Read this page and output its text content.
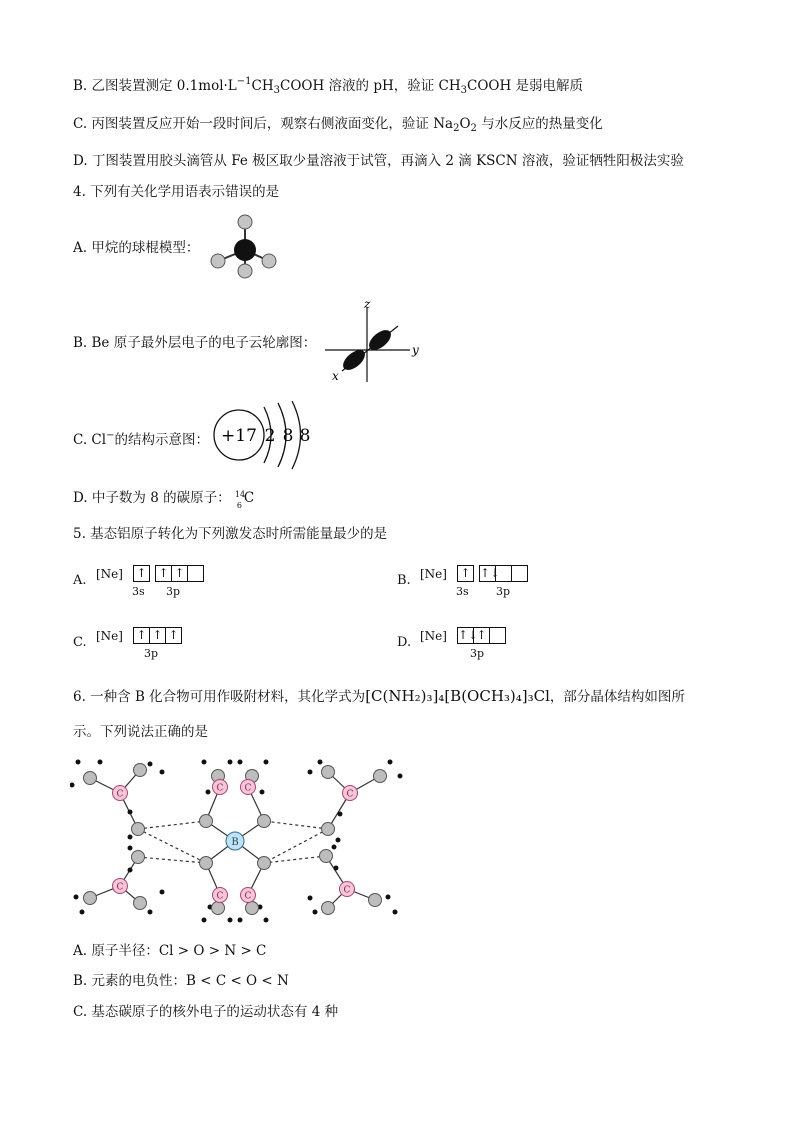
B. 乙图装置测定 $0.1mol\cdot L^{-1}CH_3COOH$ 溶液的 pH，验证 $CH_3COOH$ 是弱电解质
C. 丙图装置反应开始一段时间后，观察右侧液面变化，验证 $Na_2O_2$ 与水反应的热量变化
D. 丁图装置用胶头滴管从 Fe 极区取少量溶液于试管，再滴入 2 滴 KSCN 溶液，验证牺牲阳极法实验
4. 下列有关化学用语表示错误的是
A. 甲烷的球棍模型：
B. Be 原子最外层电子的电子云轮廓图：
z
y
x
C. Cl−的结构示意图： +17 2 8 8
D. 中子数为 8 的碳原子： 14
6 C
5. 基态铝原子转化为下列激发态时所需能量最少的是
A. [Ne] ↑ ↑ ↑
3s 3p
B. [Ne] ↑ ↑↓
3s 3p
C. [Ne] ↑ ↑ ↑
3p
D. [Ne] ↑↓↑
3p
6. 一种含 B 化合物可用作吸附材料，其化学式为[C(NH₂)₃]₄[B(OCH₃)₄]₃Cl，部分晶体结构如图所
示。下列说法正确的是
C C
C C
C
C
C
C
B
A. 原子半径：Cl > O > N > C
B. 元素的电负性：B < C < O < N
C. 基态碳原子的核外电子的运动状态有 4 种
